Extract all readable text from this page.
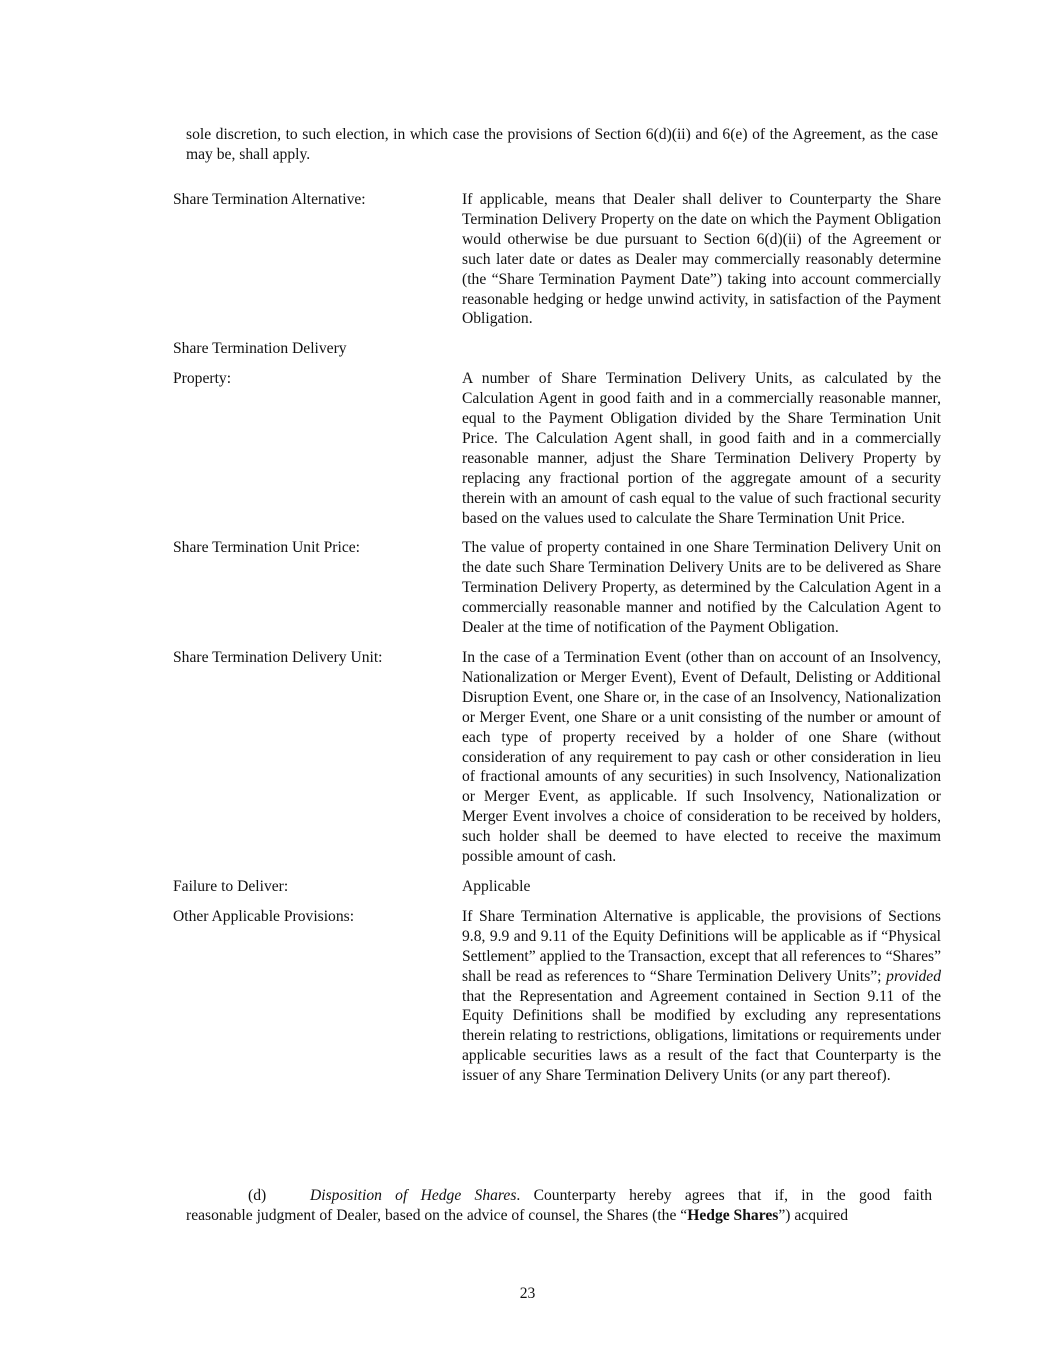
sole discretion, to such election, in which case the provisions of Section 6(d)(ii) and 6(e) of the Agreement, as the case may be, shall apply.

Share Termination Alternative:	If applicable, means that Dealer shall deliver to Counterparty the Share Termination Delivery Property on the date on which the Payment Obligation would otherwise be due pursuant to Section 6(d)(ii) of the Agreement or such later date or dates as Dealer may commercially reasonably determine (the “Share Termination Payment Date”) taking into account commercially reasonable hedging or hedge unwind activity, in satisfaction of the Payment Obligation.
Share Termination Delivery
Property:	A number of Share Termination Delivery Units, as calculated by the Calculation Agent in good faith and in a commercially reasonable manner, equal to the Payment Obligation divided by the Share Termination Unit Price. The Calculation Agent shall, in good faith and in a commercially reasonable manner, adjust the Share Termination Delivery Property by replacing any fractional portion of the aggregate amount of a security therein with an amount of cash equal to the value of such fractional security based on the values used to calculate the Share Termination Unit Price.
Share Termination Unit Price:	The value of property contained in one Share Termination Delivery Unit on the date such Share Termination Delivery Units are to be delivered as Share Termination Delivery Property, as determined by the Calculation Agent in a commercially reasonable manner and notified by the Calculation Agent to Dealer at the time of notification of the Payment Obligation.
Share Termination Delivery Unit:	In the case of a Termination Event (other than on account of an Insolvency, Nationalization or Merger Event), Event of Default, Delisting or Additional Disruption Event, one Share or, in the case of an Insolvency, Nationalization or Merger Event, one Share or a unit consisting of the number or amount of each type of property received by a holder of one Share (without consideration of any requirement to pay cash or other consideration in lieu of fractional amounts of any securities) in such Insolvency, Nationalization or Merger Event, as applicable. If such Insolvency, Nationalization or Merger Event involves a choice of consideration to be received by holders, such holder shall be deemed to have elected to receive the maximum possible amount of cash.
Failure to Deliver:	Applicable
Other Applicable Provisions:	If Share Termination Alternative is applicable, the provisions of Sections 9.8, 9.9 and 9.11 of the Equity Definitions will be applicable as if “Physical Settlement” applied to the Transaction, except that all references to “Shares” shall be read as references to “Share Termination Delivery Units”; provided that the Representation and Agreement contained in Section 9.11 of the Equity Definitions shall be modified by excluding any representations therein relating to restrictions, obligations, limitations or requirements under applicable securities laws as a result of the fact that Counterparty is the issuer of any Share Termination Delivery Units (or any part thereof).

(d)	Disposition of Hedge Shares. Counterparty hereby agrees that if, in the good faith
reasonable judgment of Dealer, based on the advice of counsel, the Shares (the “Hedge Shares”) acquired

23
